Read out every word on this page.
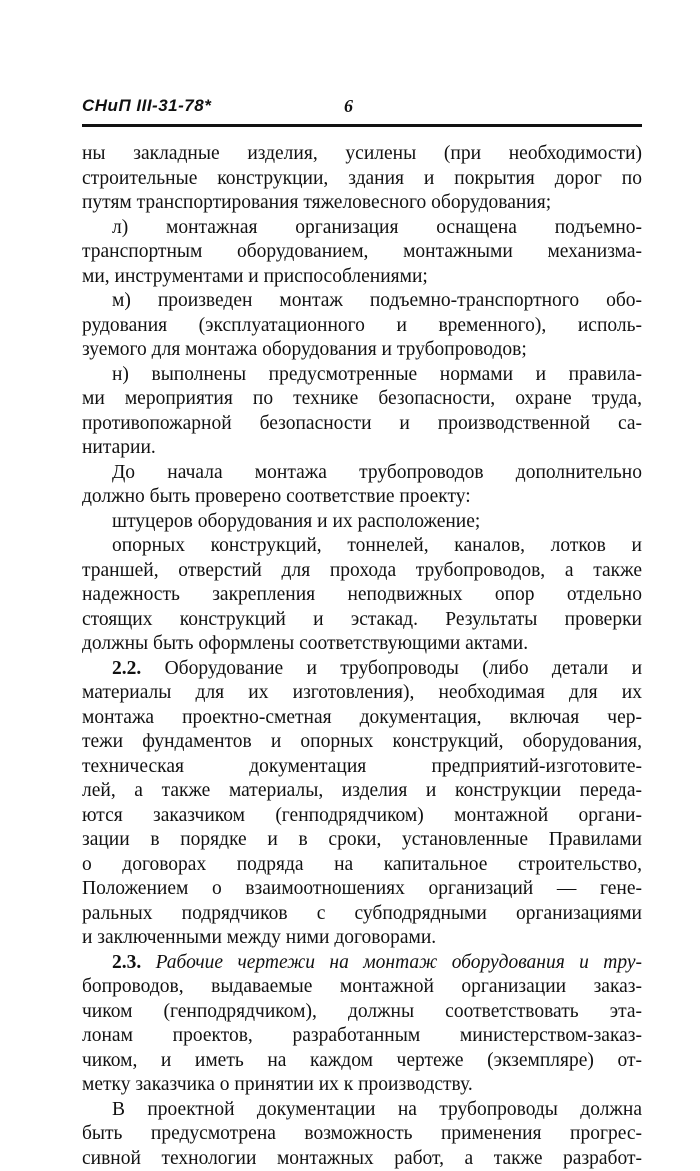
СНиП III-31-78*	6
ны закладные изделия, усилены (при необходимости)
строительные конструкции, здания и покрытия дорог по
путям транспортирования тяжеловесного оборудования;
л) монтажная организация оснащена подъемно-
транспортным оборудованием, монтажными механизма-
ми, инструментами и приспособлениями;
м) произведен монтаж подъемно-транспортного обо-
рудования (эксплуатационного и временного), исполь-
зуемого для монтажа оборудования и трубопроводов;
н) выполнены предусмотренные нормами и правила-
ми мероприятия по технике безопасности, охране труда,
противопожарной безопасности и производственной са-
нитарии.
До начала монтажа трубопроводов дополнительно
должно быть проверено соответствие проекту:
штуцеров оборудования и их расположение;
опорных конструкций, тоннелей, каналов, лотков и
траншей, отверстий для прохода трубопроводов, а также
надежность закрепления неподвижных опор отдельно
стоящих конструкций и эстакад. Результаты проверки
должны быть оформлены соответствующими актами.
2.2. Оборудование и трубопроводы (либо детали и
материалы для их изготовления), необходимая для их
монтажа проектно-сметная документация, включая чер-
тежи фундаментов и опорных конструкций, оборудования,
техническая документация предприятий-изготовите-
лей, а также материалы, изделия и конструкции переда-
ются заказчиком (генподрядчиком) монтажной органи-
зации в порядке и в сроки, установленные Правилами
о договорах подряда на капитальное строительство,
Положением о взаимоотношениях организаций — гене-
ральных подрядчиков с субподрядными организациями
и заключенными между ними договорами.
2.3. Рабочие чертежи на монтаж оборудования и тру-
бопроводов, выдаваемые монтажной организации заказ-
чиком (генподрядчиком), должны соответствовать эта-
лонам проектов, разработанным министерством-заказ-
чиком, и иметь на каждом чертеже (экземпляре) от-
метку заказчика о принятии их к производству.
В проектной документации на трубопроводы должна
быть предусмотрена возможность применения прогрес-
сивной технологии монтажных работ, а также разработ-
